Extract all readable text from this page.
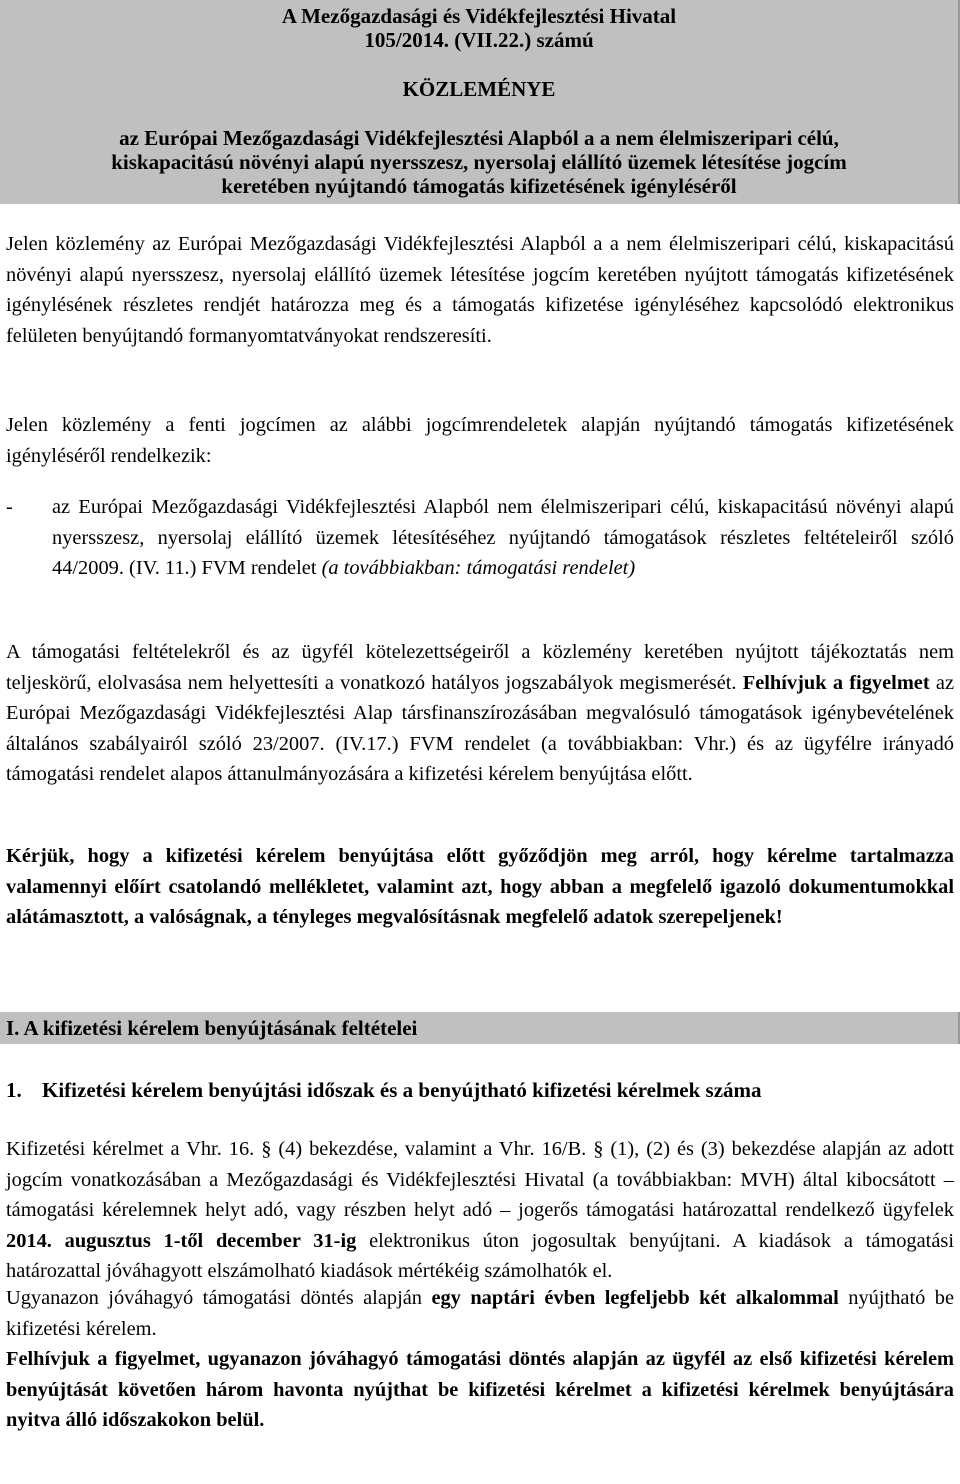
A Mezőgazdasági és Vidékfejlesztési Hivatal
105/2014. (VII.22.) számú
KÖZLEMÉNYE
az Európai Mezőgazdasági Vidékfejlesztési Alapból a a nem élelmiszeripari célú,
kiskapacitású növényi alapú nyersszesz, nyersolaj elállító üzemek létesítése jogcím
keretében nyújtandó támogatás kifizetésének igényléséről

Jelen közlemény az Európai Mezőgazdasági Vidékfejlesztési Alapból a a nem élelmiszeripari célú, kiskapacitású növényi alapú nyersszesz, nyersolaj elállító üzemek létesítése jogcím keretében nyújtott támogatás kifizetésének igénylésének részletes rendjét határozza meg és a támogatás kifizetése igényléséhez kapcsolódó elektronikus felületen benyújtandó formanyomtatványokat rendszeresíti.

Jelen közlemény a fenti jogcímen az alábbi jogcímrendeletek alapján nyújtandó támogatás kifizetésének igényléséről rendelkezik:

-	az Európai Mezőgazdasági Vidékfejlesztési Alapból nem élelmiszeripari célú, kiskapacitású növényi alapú nyersszesz, nyersolaj elállító üzemek létesítéséhez nyújtandó támogatások részletes feltételeiről szóló 44/2009. (IV. 11.) FVM rendelet (a továbbiakban: támogatási rendelet)

A támogatási feltételekről és az ügyfél kötelezettségeiről a közlemény keretében nyújtott tájékoztatás nem teljeskörű, elolvasása nem helyettesíti a vonatkozó hatályos jogszabályok megismerését. Felhívjuk a figyelmet az Európai Mezőgazdasági Vidékfejlesztési Alap társfinanszírozásában megvalósuló támogatások igénybevételének általános szabályairól szóló 23/2007. (IV.17.) FVM rendelet (a továbbiakban: Vhr.) és az ügyfélre irányadó támogatási rendelet alapos áttanulmányozására a kifizetési kérelem benyújtása előtt.

Kérjük, hogy a kifizetési kérelem benyújtása előtt győződjön meg arról, hogy kérelme tartalmazza valamennyi előírt csatolandó mellékletet, valamint azt, hogy abban a megfelelő igazoló dokumentumokkal alátámasztott, a valóságnak, a tényleges megvalósításnak megfelelő adatok szerepeljenek!

I. A kifizetési kérelem benyújtásának feltételei
1. Kifizetési kérelem benyújtási időszak és a benyújtható kifizetési kérelmek száma

Kifizetési kérelmet a Vhr. 16. § (4) bekezdése, valamint a Vhr. 16/B. § (1), (2) és (3) bekezdése alapján az adott jogcím vonatkozásában a Mezőgazdasági és Vidékfejlesztési Hivatal (a továbbiakban: MVH) által kibocsátott – támogatási kérelemnek helyt adó, vagy részben helyt adó – jogerős támogatási határozattal rendelkező ügyfelek 2014. augusztus 1-től december 31-ig elektronikus úton jogosultak benyújtani. A kiadások a támogatási határozattal jóváhagyott elszámolható kiadások mértékéig számolhatók el.

Ugyanazon jóváhagyó támogatási döntés alapján egy naptári évben legfeljebb két alkalommal nyújtható be kifizetési kérelem.

Felhívjuk a figyelmet, ugyanazon jóváhagyó támogatási döntés alapján az ügyfél az első kifizetési kérelem benyújtását követően három havonta nyújthat be kifizetési kérelmet a kifizetési kérelmek benyújtására nyitva álló időszakokon belül.
